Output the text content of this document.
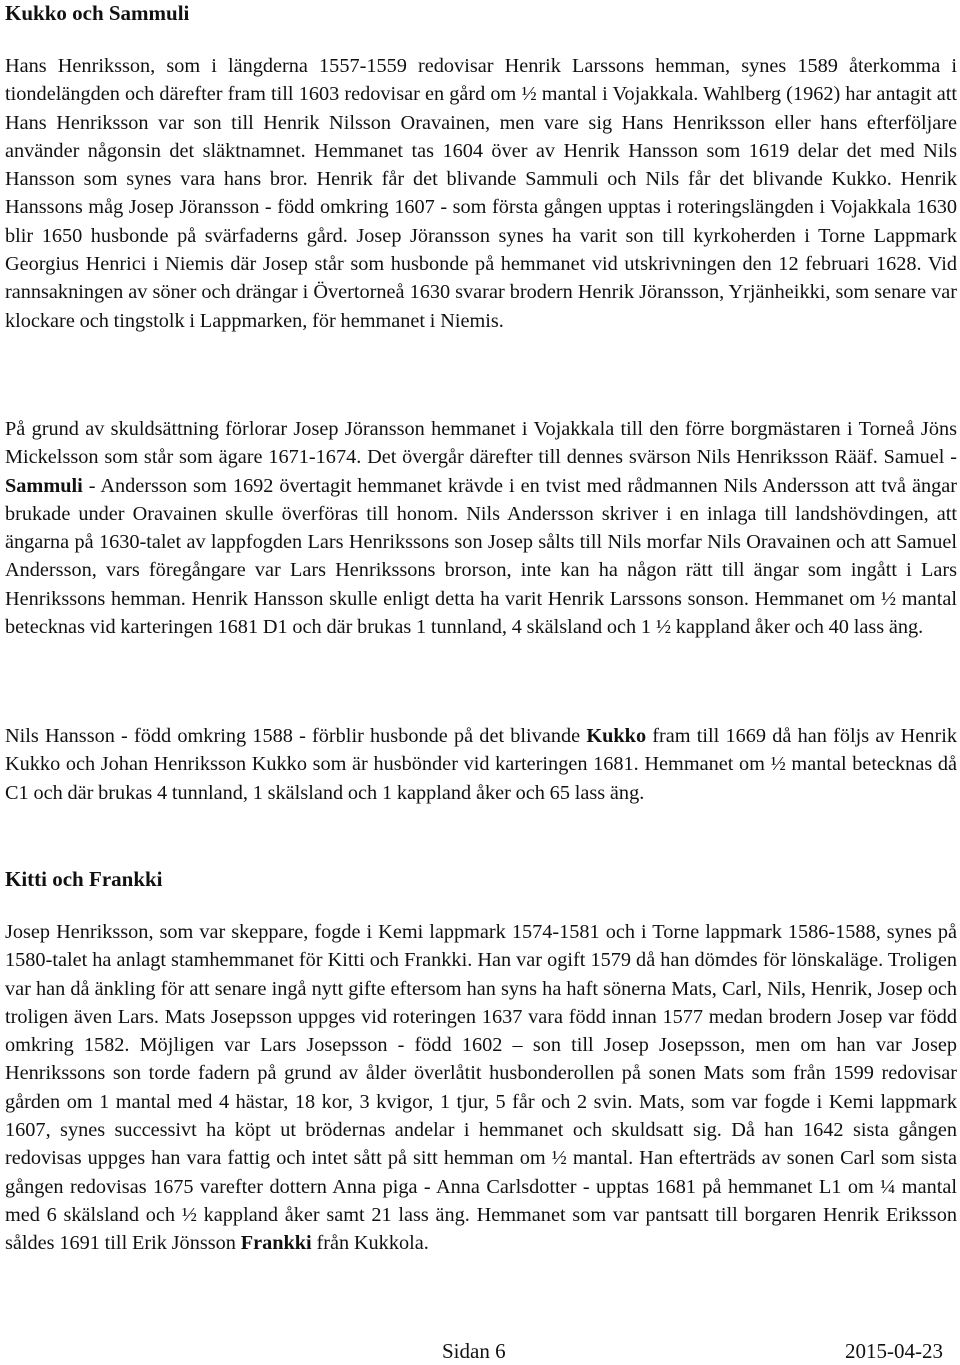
Kukko och Sammuli

Hans Henriksson, som i längderna 1557-1559 redovisar Henrik Larssons hemman, synes 1589 återkomma i tiondelängden och därefter fram till 1603 redovisar en gård om ½ mantal i Vojakkala. Wahlberg (1962) har antagit att Hans Henriksson var son till Henrik Nilsson Oravainen, men vare sig Hans Henriksson eller hans efterföljare använder någonsin det släktnamnet. Hemmanet tas 1604 över av Henrik Hansson som 1619 delar det med Nils Hansson som synes vara hans bror. Henrik får det blivande Sammuli och Nils får det blivande Kukko. Henrik Hanssons måg Josep Jöransson - född omkring 1607 - som första gången upptas i roteringslängden i Vojakkala 1630 blir 1650 husbonde på svärfaderns gård. Josep Jöransson synes ha varit son till kyrkoherden i Torne Lappmark Georgius Henrici i Niemis där Josep står som husbonde på hemmanet vid utskrivningen den 12 februari 1628. Vid rannsakningen av söner och drängar i Övertorneå 1630 svarar brodern Henrik Jöransson, Yrjänheikki, som senare var klockare och tingstolk i Lappmarken, för hemmanet i Niemis.

På grund av skuldsättning förlorar Josep Jöransson hemmanet i Vojakkala till den förre borgmästaren i Torneå Jöns Mickelsson som står som ägare 1671-1674. Det övergår därefter till dennes svärson Nils Henriksson Rääf. Samuel - Sammuli - Andersson som 1692 övertagit hemmanet krävde i en tvist med rådmannen Nils Andersson att två ängar brukade under Oravainen skulle överföras till honom. Nils Andersson skriver i en inlaga till landshövdingen, att ängarna på 1630-talet av lappfogden Lars Henrikssons son Josep sålts till Nils morfar Nils Oravainen och att Samuel Andersson, vars föregångare var Lars Henrikssons brorson, inte kan ha någon rätt till ängar som ingått i Lars Henrikssons hemman. Henrik Hansson skulle enligt detta ha varit Henrik Larssons sonson. Hemmanet om ½ mantal betecknas vid karteringen 1681 D1 och där brukas 1 tunnland, 4 skälsland och 1 ½ kappland åker och 40 lass äng.

Nils Hansson - född omkring 1588 - förblir husbonde på det blivande Kukko fram till 1669 då han följs av Henrik Kukko och Johan Henriksson Kukko som är husbönder vid karteringen 1681. Hemmanet om ½ mantal betecknas då C1 och där brukas 4 tunnland, 1 skälsland och 1 kappland åker och 65 lass äng.

Kitti och Frankki

Josep Henriksson, som var skeppare, fogde i Kemi lappmark 1574-1581 och i Torne lappmark 1586-1588, synes på 1580-talet ha anlagt stamhemmanet för Kitti och Frankki. Han var ogift 1579 då han dömdes för lönskaläge. Troligen var han då änkling för att senare ingå nytt gifte eftersom han syns ha haft sönerna Mats, Carl, Nils, Henrik, Josep och troligen även Lars. Mats Josepsson uppges vid roteringen 1637 vara född innan 1577 medan brodern Josep var född omkring 1582. Möjligen var Lars Josepsson - född 1602 – son till Josep Josepsson, men om han var Josep Henrikssons son torde fadern på grund av ålder överlåtit husbonderollen på sonen Mats som från 1599 redovisar gården om 1 mantal med 4 hästar, 18 kor, 3 kvigor, 1 tjur, 5 får och 2 svin. Mats, som var fogde i Kemi lappmark 1607, synes successivt ha köpt ut brödernas andelar i hemmanet och skuldsatt sig. Då han 1642 sista gången redovisas uppges han vara fattig och intet sått på sitt hemman om ½ mantal. Han efterträds av sonen Carl som sista gången redovisas 1675 varefter dottern Anna piga - Anna Carlsdotter - upptas 1681 på hemmanet L1 om ¼ mantal med 6 skälsland och ½ kappland åker samt 21 lass äng. Hemmanet som var pantsatt till borgaren Henrik Eriksson såldes 1691 till Erik Jönsson Frankki från Kukkola.

Sidan 6	2015-04-23
